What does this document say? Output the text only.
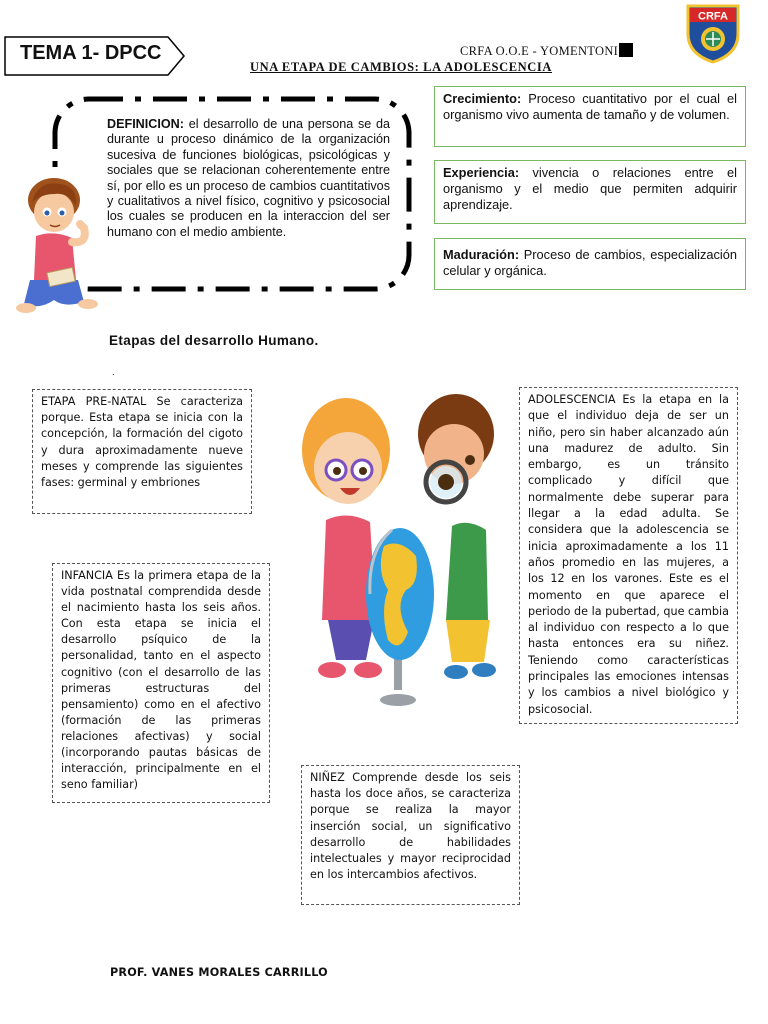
TEMA 1- DPCC	CRFA O.O.E - YOMENTONI
UNA ETAPA DE CAMBIOS: LA ADOLESCENCIA
CRFA
DEFINICION: el desarrollo de una persona se da durante u proceso dinámico de la organización sucesiva de funciones biológicas, psicológicas y sociales que se relacionan coherentemente entre sí, por ello es un proceso de cambios cuantitativos y cualitativos a nivel físico, cognitivo y psicosocial los cuales se producen en la interaccion del ser humano con el medio ambiente.
Crecimiento: Proceso cuantitativo por el cual el organismo vivo aumenta de tamaño y de volumen.
Experiencia: vivencia o relaciones entre el organismo y el medio que permiten adquirir aprendizaje.
Maduración: Proceso de cambios, especialización celular y orgánica.
Etapas del desarrollo Humano.
.
ETAPA PRE-NATAL Se caracteriza porque. Esta etapa se inicia con la concepción, la formación del cigoto y dura aproximadamente nueve meses y comprende las siguientes fases: germinal y embriones
INFANCIA Es la primera etapa de la vida postnatal comprendida desde el nacimiento hasta los seis años. Con esta etapa se inicia el desarrollo psíquico de la personalidad, tanto en el aspecto cognitivo (con el desarrollo de las primeras estructuras del pensamiento) como en el afectivo (formación de las primeras relaciones afectivas) y social (incorporando pautas básicas de interacción, principalmente en el seno familiar)
NIÑEZ Comprende desde los seis hasta los doce años, se caracteriza porque se realiza la mayor inserción social, un significativo desarrollo de habilidades intelectuales y mayor reciprocidad en los intercambios afectivos.
ADOLESCENCIA Es la etapa en la que el individuo deja de ser un niño, pero sin haber alcanzado aún una madurez de adulto. Sin embargo, es un tránsito complicado y difícil que normalmente debe superar para llegar a la edad adulta. Se considera que la adolescencia se inicia aproximadamente a los 11 años promedio en las mujeres, a los 12 en los varones. Este es el momento en que aparece el periodo de la pubertad, que cambia al individuo con respecto a lo que hasta entonces era su niñez. Teniendo como características principales las emociones intensas y los cambios a nivel biológico y psicosocial.
PROF. VANES MORALES CARRILLO
